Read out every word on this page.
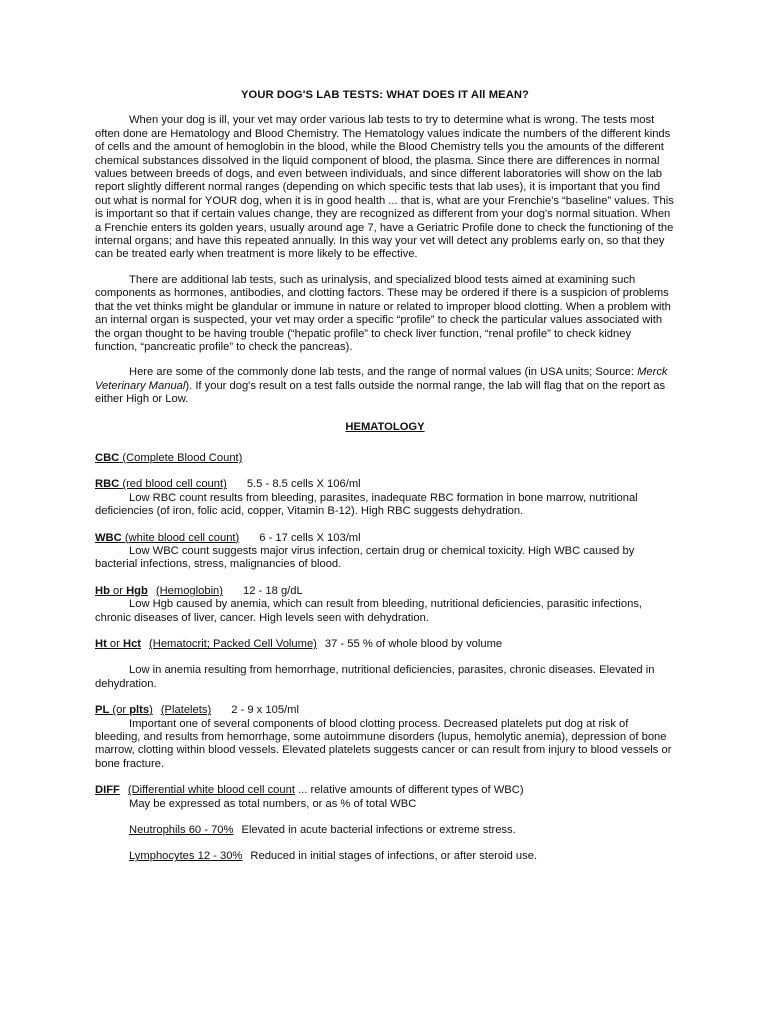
YOUR DOG'S LAB TESTS: WHAT DOES IT All MEAN?

When your dog is ill, your vet may order various lab tests to try to determine what is wrong. The tests most often done are Hematology and Blood Chemistry. The Hematology values indicate the numbers of the different kinds of cells and the amount of hemoglobin in the blood, while the Blood Chemistry tells you the amounts of the different chemical substances dissolved in the liquid component of blood, the plasma. Since there are differences in normal values between breeds of dogs, and even between individuals, and since different laboratories will show on the lab report slightly different normal ranges (depending on which specific tests that lab uses), it is important that you find out what is normal for YOUR dog, when it is in good health ... that is, what are your Frenchie's “baseline” values. This is important so that if certain values change, they are recognized as different from your dog's normal situation. When a Frenchie enters its golden years, usually around age 7, have a Geriatric Profile done to check the functioning of the internal organs; and have this repeated annually. In this way your vet will detect any problems early on, so that they can be treated early when treatment is more likely to be effective.

There are additional lab tests, such as urinalysis, and specialized blood tests aimed at examining such components as hormones, antibodies, and clotting factors. These may be ordered if there is a suspicion of problems that the vet thinks might be glandular or immune in nature or related to improper blood clotting. When a problem with an internal organ is suspected, your vet may order a specific “profile” to check the particular values associated with the organ thought to be having trouble (“hepatic profile” to check liver function, “renal profile” to check kidney function, “pancreatic profile” to check the pancreas).

Here are some of the commonly done lab tests, and the range of normal values (in USA units; Source: Merck Veterinary Manual). If your dog's result on a test falls outside the normal range, the lab will flag that on the report as either High or Low.

HEMATOLOGY

CBC (Complete Blood Count)

RBC (red blood cell count) 5.5 - 8.5 cells X 106/ml

Low RBC count results from bleeding, parasites, inadequate RBC formation in bone marrow, nutritional deficiencies (of iron, folic acid, copper, Vitamin B-12). High RBC suggests dehydration.

WBC (white blood cell count) 6 - 17 cells X 103/ml

Low WBC count suggests major virus infection, certain drug or chemical toxicity. High WBC caused by bacterial infections, stress, malignancies of blood.

Hb or Hgb (Hemoglobin) 12 - 18 g/dL

Low Hgb caused by anemia, which can result from bleeding, nutritional deficiencies, parasitic infections, chronic diseases of liver, cancer. High levels seen with dehydration.

Ht or Hct (Hematocrit; Packed Cell Volume) 37 - 55 % of whole blood by volume

Low in anemia resulting from hemorrhage, nutritional deficiencies, parasites, chronic diseases. Elevated in dehydration.

PL (or plts) (Platelets) 2 - 9 x 105/ml

Important one of several components of blood clotting process. Decreased platelets put dog at risk of bleeding, and results from hemorrhage, some autoimmune disorders (lupus, hemolytic anemia), depression of bone marrow, clotting within blood vessels. Elevated platelets suggests cancer or can result from injury to blood vessels or bone fracture.

DIFF (Differential white blood cell count ... relative amounts of different types of WBC)

May be expressed as total numbers, or as % of total WBC

Neutrophils 60 - 70% Elevated in acute bacterial infections or extreme stress.

Lymphocytes 12 - 30% Reduced in initial stages of infections, or after steroid use.
